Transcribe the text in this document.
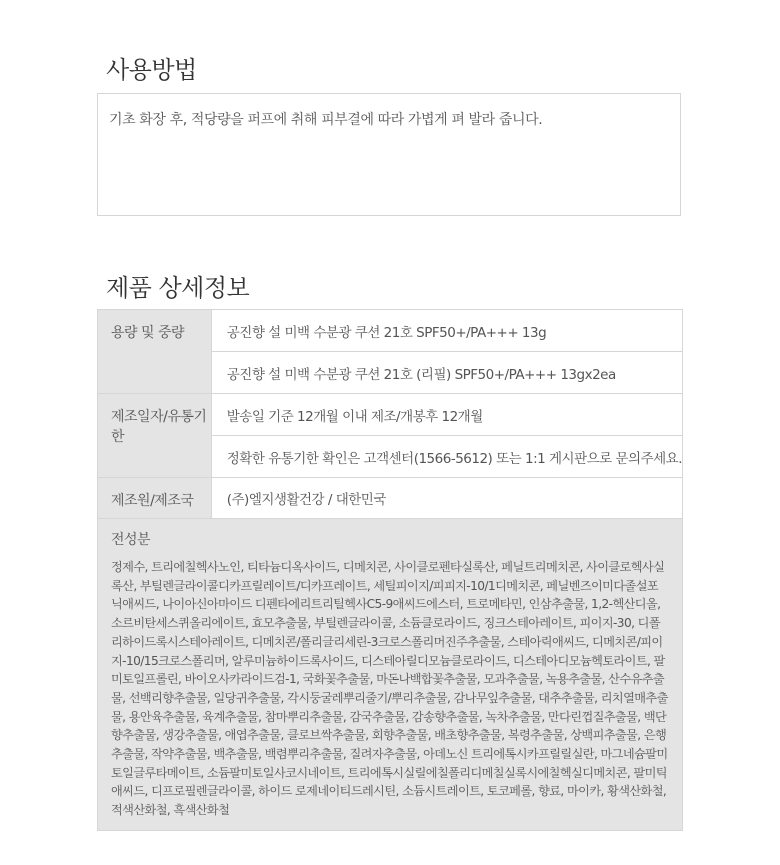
사용방법
기초 화장 후, 적당량을 퍼프에 취해 피부결에 따라 가볍게 펴 발라 줍니다.
제품 상세정보
용량 및 중량	공진향 설 미백 수분광 쿠션 21호 SPF50+/PA+++ 13g
	공진향 설 미백 수분광 쿠션 21호 (리필) SPF50+/PA+++ 13gx2ea
제조일자/유통기한	발송일 기준 12개월 이내 제조/개봉후 12개월
	정확한 유통기한 확인은 고객센터(1566-5612) 또는 1:1 게시판으로 문의주세요.
제조원/제조국	(주)엘지생활건강 / 대한민국

전성분
정제수, 트리에칠헥사노인, 티타늄디옥사이드, 디메치콘, 사이클로펜타실록산, 페닐트리메치콘, 사이클로헥사실록산, 부틸렌글라이콜디카프릴레이트/디카프레이트, 세틸피이지/피피지-10/1디메치콘, 페닐벤즈이미다졸설포닉애씨드, 나이아신아마이드 디펜타에리트리틸헥사C5-9애씨드에스터, 트로메타민, 인삼추출물, 1,2-헥산디올, 소르비탄세스퀴올리에이트, 효모추출물, 부틸렌글라이콜, 소듐클로라이드, 징크스테아레이트, 피이지-30, 디폴리하이드록시스테아레이트, 디메치콘/폴리글리세린-3크로스폴리머진주추출물, 스테아릭애씨드, 디메치콘/피이지-10/15크로스폴리머, 알루미늄하이드록사이드, 디스테아릴디모늄클로라이드, 디스테아디모늄헥토라이트, 팔미토일프롤린, 바이오사카라이드검-1, 국화꽃추출물, 마돈나백합꽃추출물, 모과추출물, 녹용추출물, 산수유추출물, 선백리향추출물, 일당귀추출물, 각시둥굴레뿌리줄기/뿌리추출물, 감나무잎추출물, 대추추출물, 리치열매추출물, 용안육추출물, 육계추출물, 참마뿌리추출물, 감국추출물, 감송향추출물, 녹차추출물, 만다린껍질추출물, 백단향추출물, 생강추출물, 애엽추출물, 클로브싹추출물, 회향추출물, 배초향추출물, 복령추출물, 상백피추출물, 은행추출물, 작약추출물, 백추출물, 백렴뿌리추출물, 질려자추출물, 아데노신 트리에톡시카프릴릴실란, 마그네슘팔미토일글루타메이트, 소듐팔미토일사코시네이트, 트리에톡시실릴에칠폴리디메칠실록시에칠헥실디메치콘, 팔미틱애씨드, 디프로필렌글라이콜, 하이드 로제네이티드레시틴, 소듐시트레이트, 토코페롤, 향료, 마이카, 황색산화철, 적색산화철, 흑색산화철	
